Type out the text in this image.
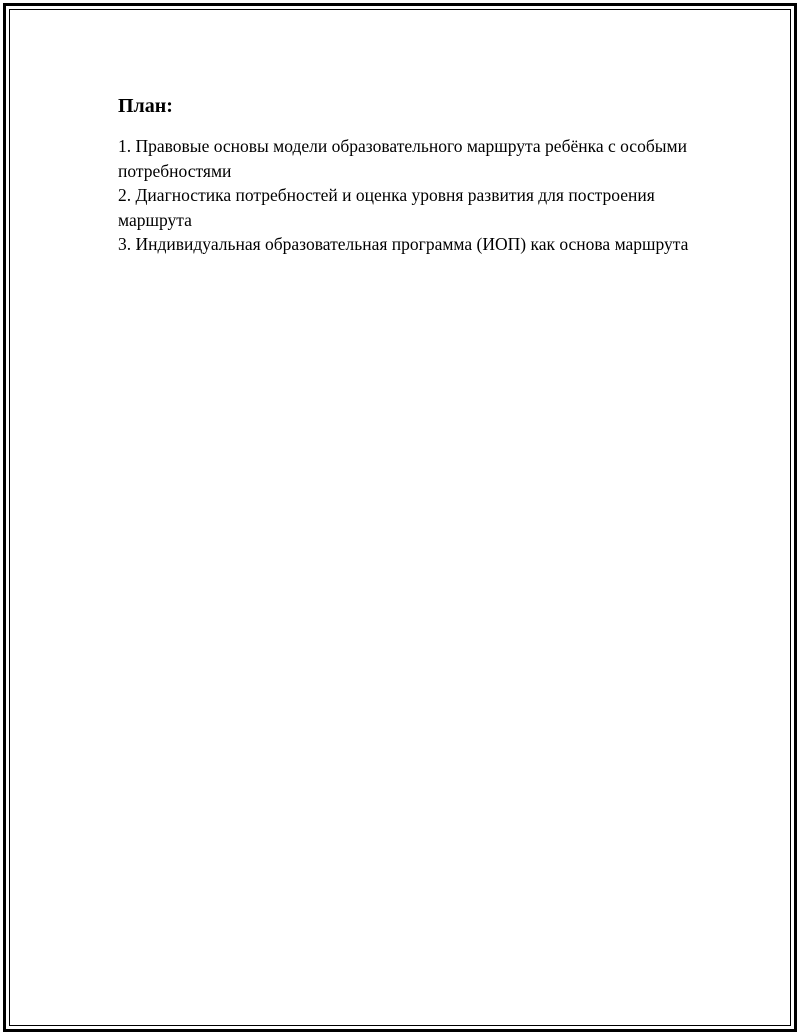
План:
1. Правовые основы модели образовательного маршрута ребёнка с особыми потребностями
2. Диагностика потребностей и оценка уровня развития для построения маршрута
3. Индивидуальная образовательная программа (ИОП) как основа маршрута
